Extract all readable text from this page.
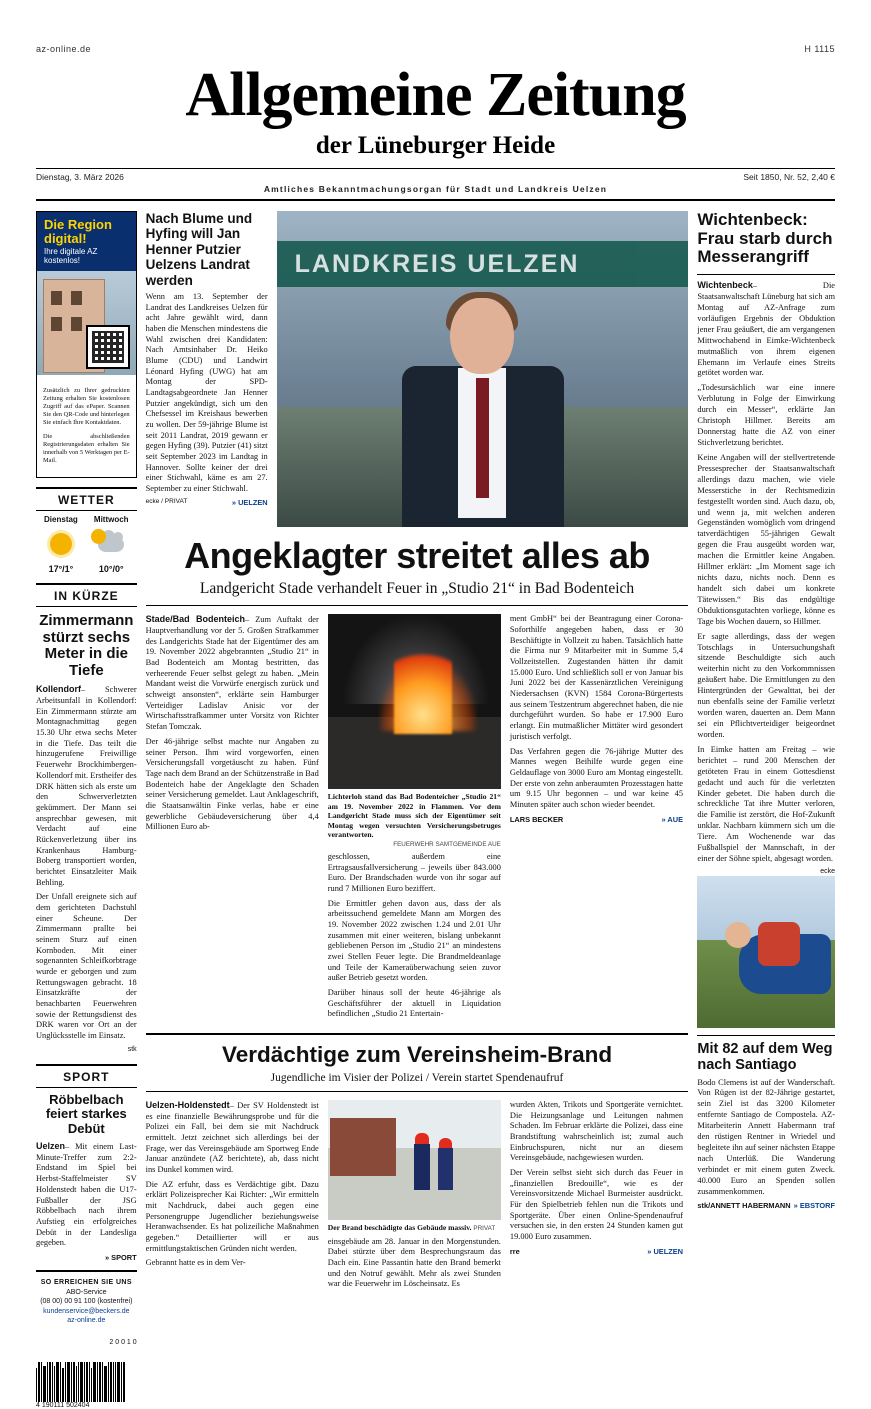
az-online.de	H 1115
Allgemeine Zeitung
der Lüneburger Heide
Dienstag, 3. März 2026	Seit 1850, Nr. 52, 2,40 €
Amtliches Bekanntmachungsorgan für Stadt und Landkreis Uelzen
Die Region digital!
Ihre digitale AZ kostenlos!

Zusätzlich zu Ihrer gedruckten Zeitung erhalten Sie kostenlosen Zugriff auf das ePaper. Scannen Sie den QR-Code und hinterlegen Sie einfach Ihre Kontaktdaten.

Die abschließenden Registrierungsdaten erhalten Sie innerhalb von 5 Werktagen per E-Mail.

WETTER
Dienstag
17°/1°
Mittwoch
10°/0°
IN KÜRZE
Zimmermann stürzt sechs Meter in die Tiefe

Kollendorf– Schwerer Arbeitsunfall in Kollendorf: Ein Zimmermann stürzte am Montagnachmittag gegen 15.30 Uhr etwa sechs Meter in die Tiefe. Das teilt die hinzugerufene Freiwillige Feuerwehr Brockhimbergen-Kollendorf mit. Erstheifer des DRK hätten sich als erste um den Schwerverletzten gekümmert. Der Mann sei ansprechbar gewesen, mit Verdacht auf eine Rückenverletzung über ins Krankenhaus Hamburg-Boberg transportiert worden, berichtet Einsatzleiter Maik Behling.

Der Unfall ereignete sich auf dem gerichteten Dachstuhl einer Scheune. Der Zimmermann prallte bei seinem Sturz auf einen Kornboden. Mit einer sogenannten Schleifkorbtrage wurde er geborgen und zum Rettungswagen gebracht. 18 Einsatzkräfte der benachbarten Feuerwehren sowie der Rettungsdienst des DRK waren vor Ort an der Unglücksstelle im Einsatz.

stk

SPORT
Röbbelbach feiert starkes Debüt

Uelzen– Mit einem Last-Minute-Treffer zum 2:2-Endstand im Spiel bei Herbst-Staffelmeister SV Holdenstedt haben die U17-Fußballer der JSG Röbbelbach nach ihrem Aufstieg ein erfolgreiches Debüt in der Landesliga gegeben.

» SPORT

SO ERREICHEN SIE UNS
ABO-Service
(08 00) 00 91 100 (kostenfrei)
kundenservice@beckers.de
az-online.de
2 0 0 1 0
4 190111 502404
Nach Blume und Hyfing will Jan Henner Putzier Uelzens Landrat werden
Wenn am 13. September der Landrat des Landkreises Uelzen für acht Jahre gewählt wird, dann haben die Menschen mindestens die Wahl zwischen drei Kandidaten: Nach Amtsinhaber Dr. Heiko Blume (CDU) und Landwirt Léonard Hyfing (UWG) hat am Montag der SPD-Landtagsabgeordnete Jan Henner Putzier angekündigt, sich um den Chefsessel im Kreishaus bewerben zu wollen. Der 59-jährige Blume ist seit 2011 Landrat, 2019 gewann er gegen Hyfing (39). Putzier (41) sitzt seit September 2023 im Landtag in Hannover. Sollte keiner der drei einer Stichwahl, käme es am 27. September zu einer Stichwahl.
ecke / PRIVAT	» UELZEN
LANDKREIS UELZEN
Angeklagter streitet alles ab
Landgericht Stade verhandelt Feuer in „Studio 21“ in Bad Bodenteich

Stade/Bad Bodenteich– Zum Auftakt der Hauptverhandlung vor der 5. Großen Strafkammer des Landgerichts Stade hat der Eigentümer des am 19. November 2022 abgebrannten „Studio 21“ in Bad Bodenteich am Montag bestritten, das verheerende Feuer selbst gelegt zu haben. „Mein Mandant weist die Vorwürfe energisch zurück und schweigt ansonsten“, erklärte sein Hamburger Verteidiger Ladislav Anisic vor der Wirtschaftsstrafkammer unter Vorsitz von Richter Stefan Tomczak.

Der 46-jährige selbst machte nur Angaben zu seiner Person. Ihm wird vorgeworfen, einen Versicherungsfall vorgetäuscht zu haben. Fünf Tage nach dem Brand an der Schützenstraße in Bad Bodenteich habe der Angeklagte den Schaden seiner Versicherung gemeldet. Laut Anklageschrift, die Staatsanwältin Finke verlas, habe er eine gewerbliche Gebäudeversicherung über 4,4 Millionen Euro ab-

Lichterloh stand das Bad Bodenteicher „Studio 21“ am 19. November 2022 in Flammen. Vor dem Landgericht Stade muss sich der Eigentümer seit Montag wegen versuchten Versicherungsbetruges verantworten.
FEUERWEHR SAMTGEMEINDE AUE

geschlossen, außerdem eine Ertragsausfallversicherung – jeweils über 843.000 Euro. Der Brandschaden wurde von ihr sogar auf rund 7 Millionen Euro beziffert.

Die Ermittler gehen davon aus, dass der als arbeitssuchend gemeldete Mann am Morgen des 19. November 2022 zwischen 1.24 und 2.01 Uhr zusammen mit einer weiteren, bislang unbekannt gebliebenen Person im „Studio 21“ an mindestens zwei Stellen Feuer legte. Die Brandmeldeanlage und Teile der Kameraüberwachung seien zuvor außer Betrieb gesetzt worden.

Darüber hinaus soll der heute 46-jährige als Geschäftsführer der aktuell in Liquidation befindlichen „Studio 21 Entertain-

ment GmbH“ bei der Beantragung einer Corona-Soforthilfe angegeben haben, dass er 30 Beschäftigte in Vollzeit zu haben. Tatsächlich hatte die Firma nur 9 Mitarbeiter mit in Summe 5,4 Vollzeitstellen. Zugestanden hätten ihr damit 15.000 Euro. Und schließlich soll er von Januar bis Juni 2022 bei der Kassenärztlichen Vereinigung Niedersachsen (KVN) 1584 Corona-Bürgertests aus seinem Testzentrum abgerechnet haben, die nie durchgeführt wurden. So habe er 17.900 Euro erlangt. Ein mutmaßlicher Mittäter wird gesondert juristisch verfolgt.

Das Verfahren gegen die 76-jährige Mutter des Mannes wegen Beihilfe wurde gegen eine Geldauflage von 3000 Euro am Montag eingestellt. Der erste von zehn anberaumten Prozesstagen hatte um 9.15 Uhr begonnen – und war keine 45 Minuten später auch schon wieder beendet.

LARS BECKER	» AUE
Verdächtige zum Vereinsheim-Brand
Jugendliche im Visier der Polizei / Verein startet Spendenaufruf

Uelzen-Holdenstedt– Der SV Holdenstedt ist es eine finanzielle Bewährungsprobe und für die Polizei ein Fall, bei dem sie mit Nachdruck ermittelt. Jetzt zeichnet sich allerdings bei der Frage, wer das Vereinsgebäude am Sportweg Ende Januar anzündete (AZ berichtete), ab, dass nicht ins Dunkel kommen wird.

Die AZ erfuhr, dass es Verdächtige gibt. Dazu erklärt Polizeisprecher Kai Richter: „Wir ermitteln mit Nachdruck, dabei auch gegen eine Personengruppe Jugendlicher beziehungsweise Heranwachsender. Es hat polizeiliche Maßnahmen gegeben.“ Detaillierter will er aus ermittlungstaktischen Gründen nicht werden.

Gebrannt hatte es in dem Ver-

Der Brand beschädigte das Gebäude massiv. PRIVAT

einsgebäude am 28. Januar in den Morgenstunden. Dabei stürzte über dem Besprechungsraum das Dach ein. Eine Passantin hatte den Brand bemerkt und den Notruf gewählt. Mehr als zwei Stunden war die Feuerwehr im Löscheinsatz. Es

wurden Akten, Trikots und Sportgeräte vernichtet. Die Heizungsanlage und Leitungen nahmen Schaden. Im Februar erklärte die Polizei, dass eine Brandstiftung wahrscheinlich ist; zumal auch Einbruchspuren, nicht nur an diesem Vereinsgebäude, nachgewiesen wurden.

Der Verein selbst sieht sich durch das Feuer in „finanziellen Bredouille“, wie es der Vereinsvorsitzende Michael Burmeister ausdrückt. Für den Spielbetrieb fehlen nun die Trikots und Sportgeräte. Über einen Online-Spendenaufruf versuchen sie, in den ersten 24 Stunden kamen gut 19.000 Euro zusammen.

rre	» UELZEN
Wichtenbeck:
Frau starb durch
Messerangriff

Wichtenbeck– Die Staatsanwaltschaft Lüneburg hat sich am Montag auf AZ-Anfrage zum vorläufigen Ergebnis der Obduktion jener Frau geäußert, die am vergangenen Mittwochabend in Eimke-Wichtenbeck mutmaßlich von ihrem eigenen Ehemann im Verlaufe eines Streits getötet worden war.

„Todesursächlich war eine innere Verblutung in Folge der Einwirkung durch ein Messer“, erklärte Jan Christoph Hillmer. Bereits am Donnerstag hatte die AZ von einer Stichverletzung berichtet.

Keine Angaben will der stellvertretende Pressesprecher der Staatsanwaltschaft allerdings dazu machen, wie viele Messerstiche in der Rechtsmedizin festgestellt worden sind. Auch dazu, ob, und wenn ja, mit welchen anderen Gegenständen womöglich vom dringend tatverdächtigen 55-jährigen Gewalt gegen die Frau ausgeübt worden war, machen die Ermittler keine Angaben. Hillmer erklärt: „Im Moment sage ich nichts dazu, nichts noch. Denn es handelt sich dabei um konkrete Tätewissen.“ Bis das endgültige Obduktionsgutachten vorliege, könne es Tage bis Wochen dauern, so Hillmer.

Er sagte allerdings, dass der wegen Totschlags in Untersuchungshaft sitzende Beschuldigte sich auch weiterhin nicht zu den Vorkommnissen geäußert habe. Die Ermittlungen zu den Hintergründen der Gewalttat, bei der nun ebenfalls seine der Familie verletzt worden waren, dauerten an. Dem Mann sei ein Pflichtverteidiger beigeordnet worden.

In Eimke hatten am Freitag – wie berichtet – rund 200 Menschen der getöteten Frau in einem Gottesdienst gedacht und auch für die verletzten Kinder gebetet. Die haben durch die schreckliche Tat ihre Mutter verloren, die Familie ist zerstört, die Hof-Zukunft unklar. Nachbarn kümmern sich um die Tiere. Am Wochenende war das Fußballspiel der Mannschaft, in der einer der Söhne spielt, abgesagt worden.

ecke

Mit 82 auf dem Weg nach Santiago
Bodo Clemens ist auf der Wanderschaft. Von Rügen ist der 82-Jährige gestartet, sein Ziel ist das 3200 Kilometer entfernte Santiago de Compostela. AZ-Mitarbeiterin Annett Habermann traf den rüstigen Rentner in Wriedel und begleitete ihn auf seiner nächsten Etappe nach Unterlüß. Die Wanderung verbindet er mit einem guten Zweck. 40.000 Euro an Spenden sollen zusammenkommen.
stk/ANNETT HABERMANN » EBSTORF
